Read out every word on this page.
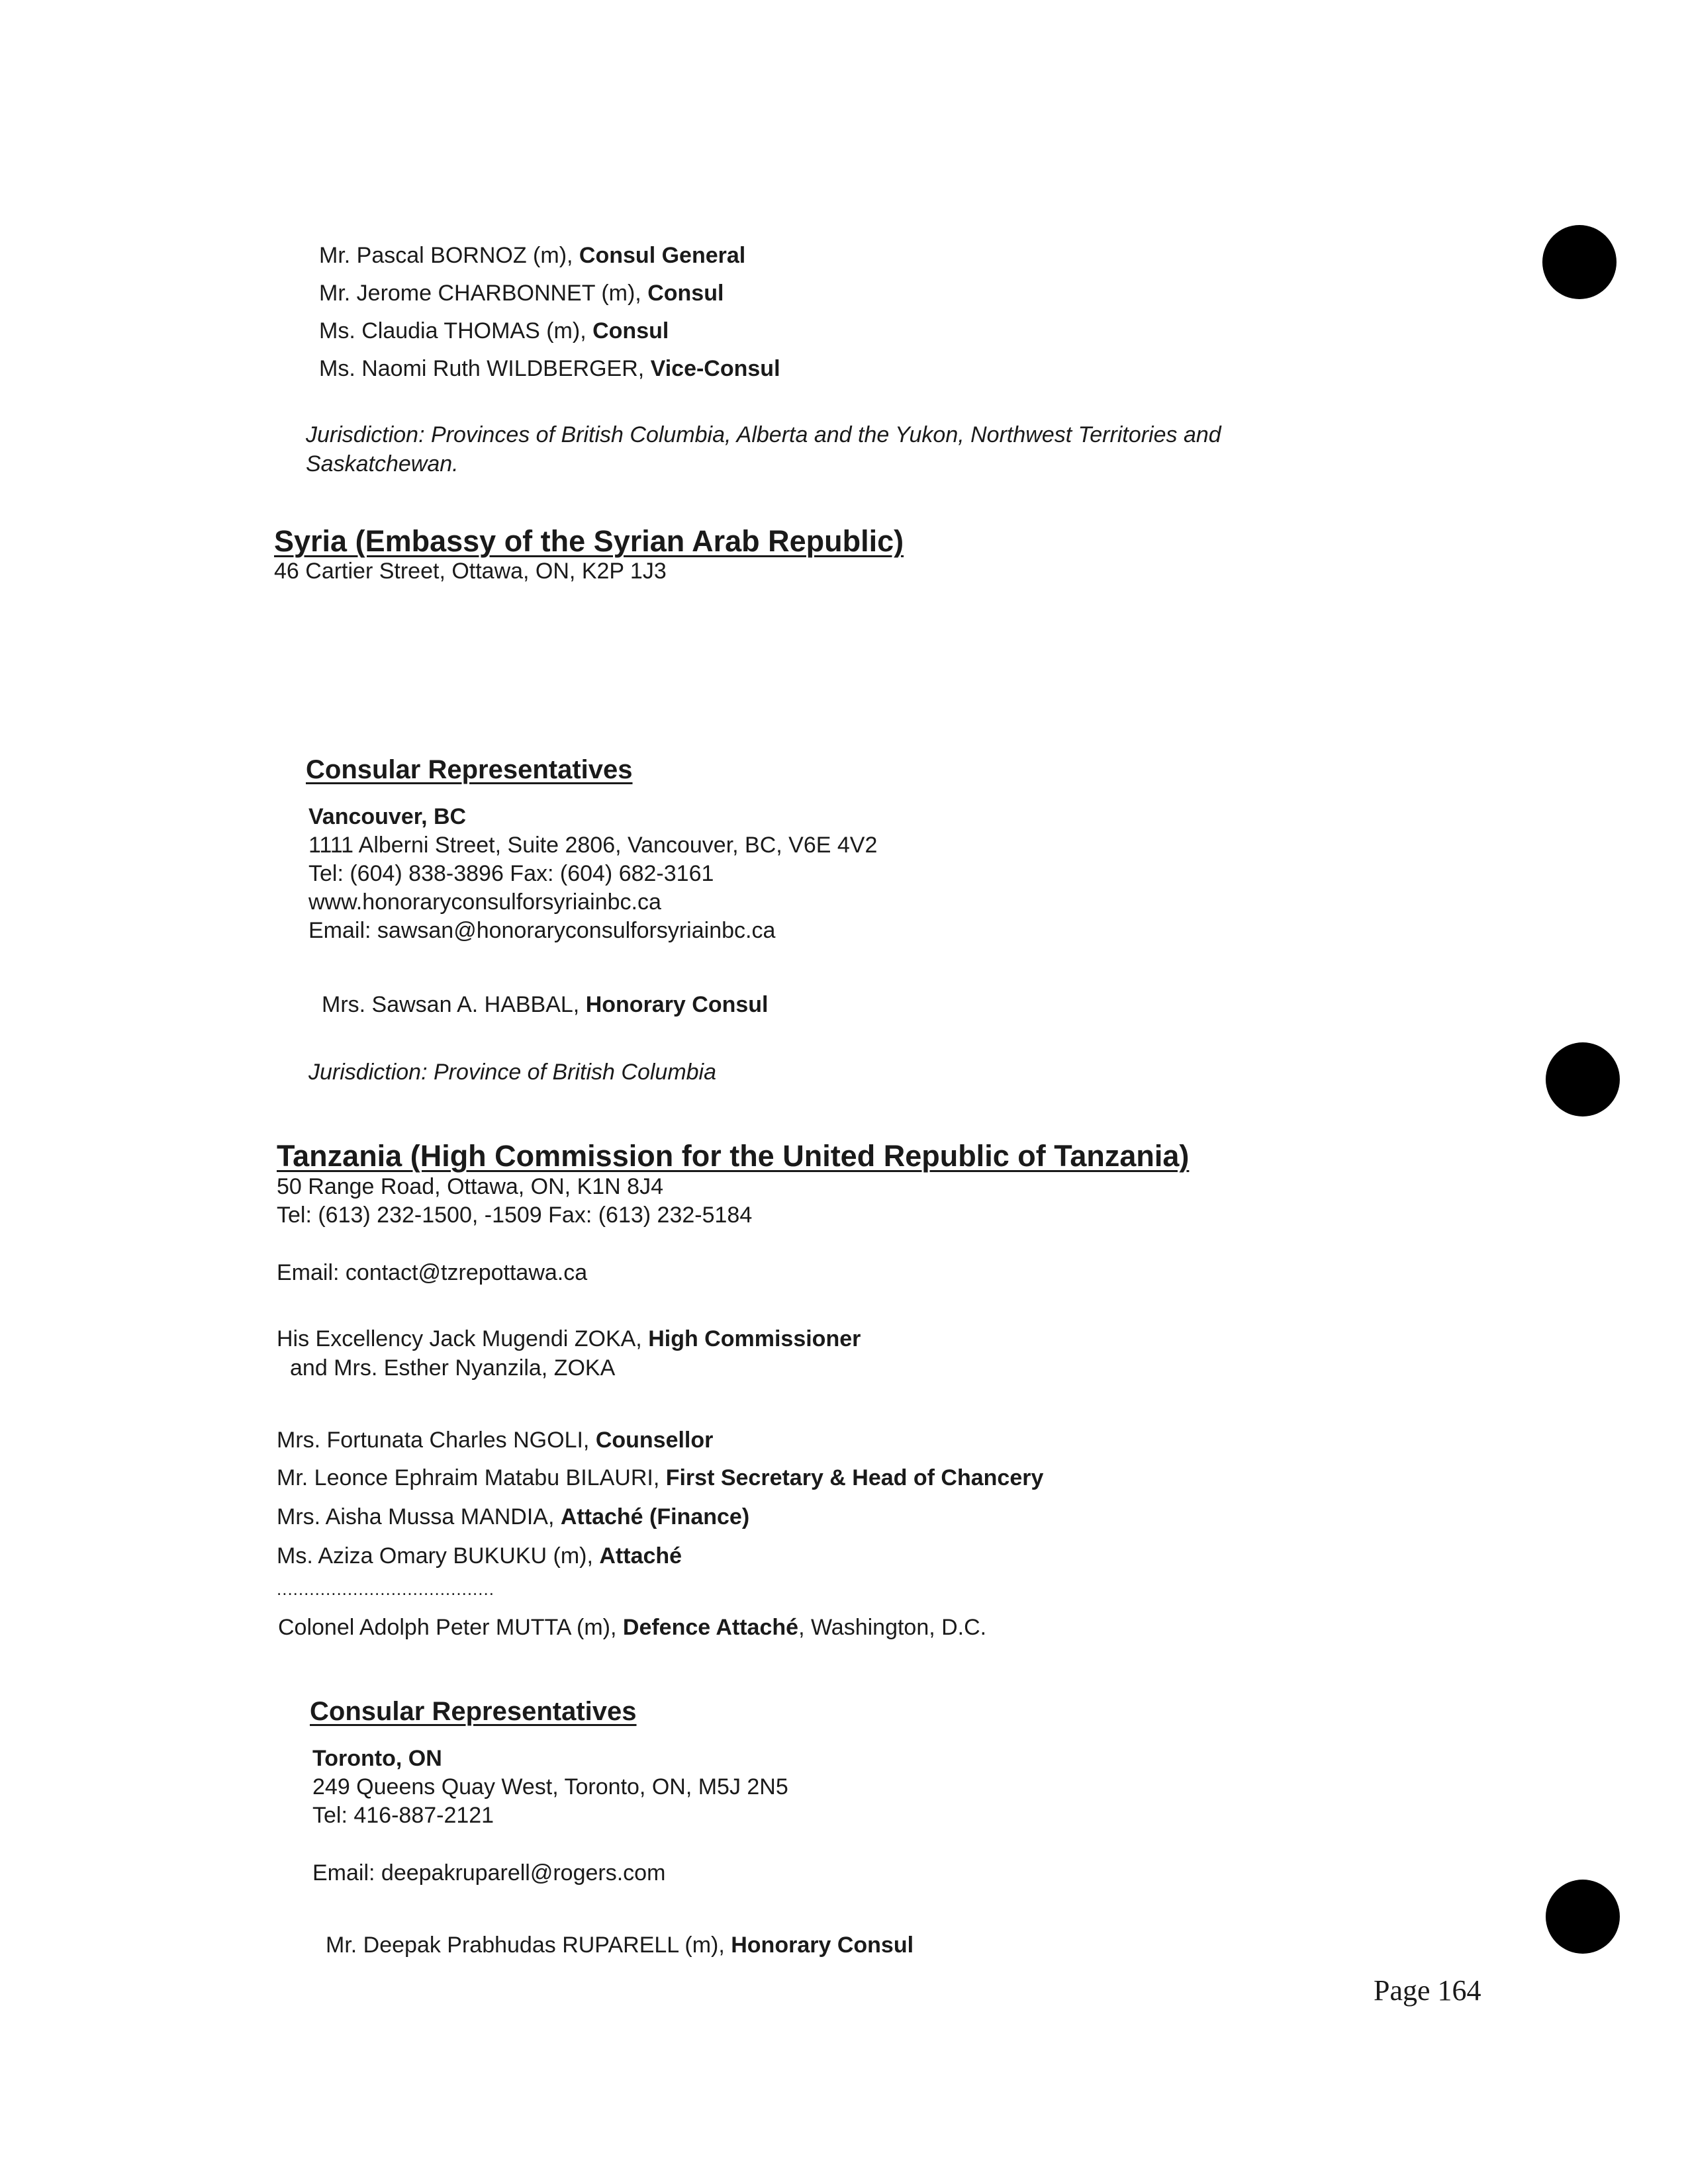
Mr. Pascal BORNOZ (m), Consul General
Mr. Jerome CHARBONNET (m), Consul
Ms. Claudia THOMAS (m), Consul
Ms. Naomi Ruth WILDBERGER, Vice-Consul
Jurisdiction: Provinces of British Columbia, Alberta and the Yukon, Northwest Territories and
Saskatchewan.
Syria (Embassy of the Syrian Arab Republic)
46 Cartier Street, Ottawa, ON, K2P 1J3
Consular Representatives
Vancouver, BC
1111 Alberni Street, Suite 2806, Vancouver, BC, V6E 4V2
Tel: (604) 838-3896 Fax: (604) 682-3161
www.honoraryconsulforsyriainbc.ca
Email: sawsan@honoraryconsulforsyriainbc.ca
Mrs. Sawsan A. HABBAL, Honorary Consul
Jurisdiction: Province of British Columbia
Tanzania (High Commission for the United Republic of Tanzania)
50 Range Road, Ottawa, ON, K1N 8J4
Tel: (613) 232-1500, -1509 Fax: (613) 232-5184
Email: contact@tzrepottawa.ca
His Excellency Jack Mugendi ZOKA, High Commissioner
and Mrs. Esther Nyanzila, ZOKA
Mrs. Fortunata Charles NGOLI, Counsellor
Mr. Leonce Ephraim Matabu BILAURI, First Secretary & Head of Chancery
Mrs. Aisha Mussa MANDIA, Attaché (Finance)
Ms. Aziza Omary BUKUKU (m), Attaché
........................................
Colonel Adolph Peter MUTTA (m), Defence Attaché, Washington, D.C.
Consular Representatives
Toronto, ON
249 Queens Quay West, Toronto, ON, M5J 2N5
Tel: 416-887-2121
Email: deepakruparell@rogers.com
Mr. Deepak Prabhudas RUPARELL (m), Honorary Consul
Page 164
